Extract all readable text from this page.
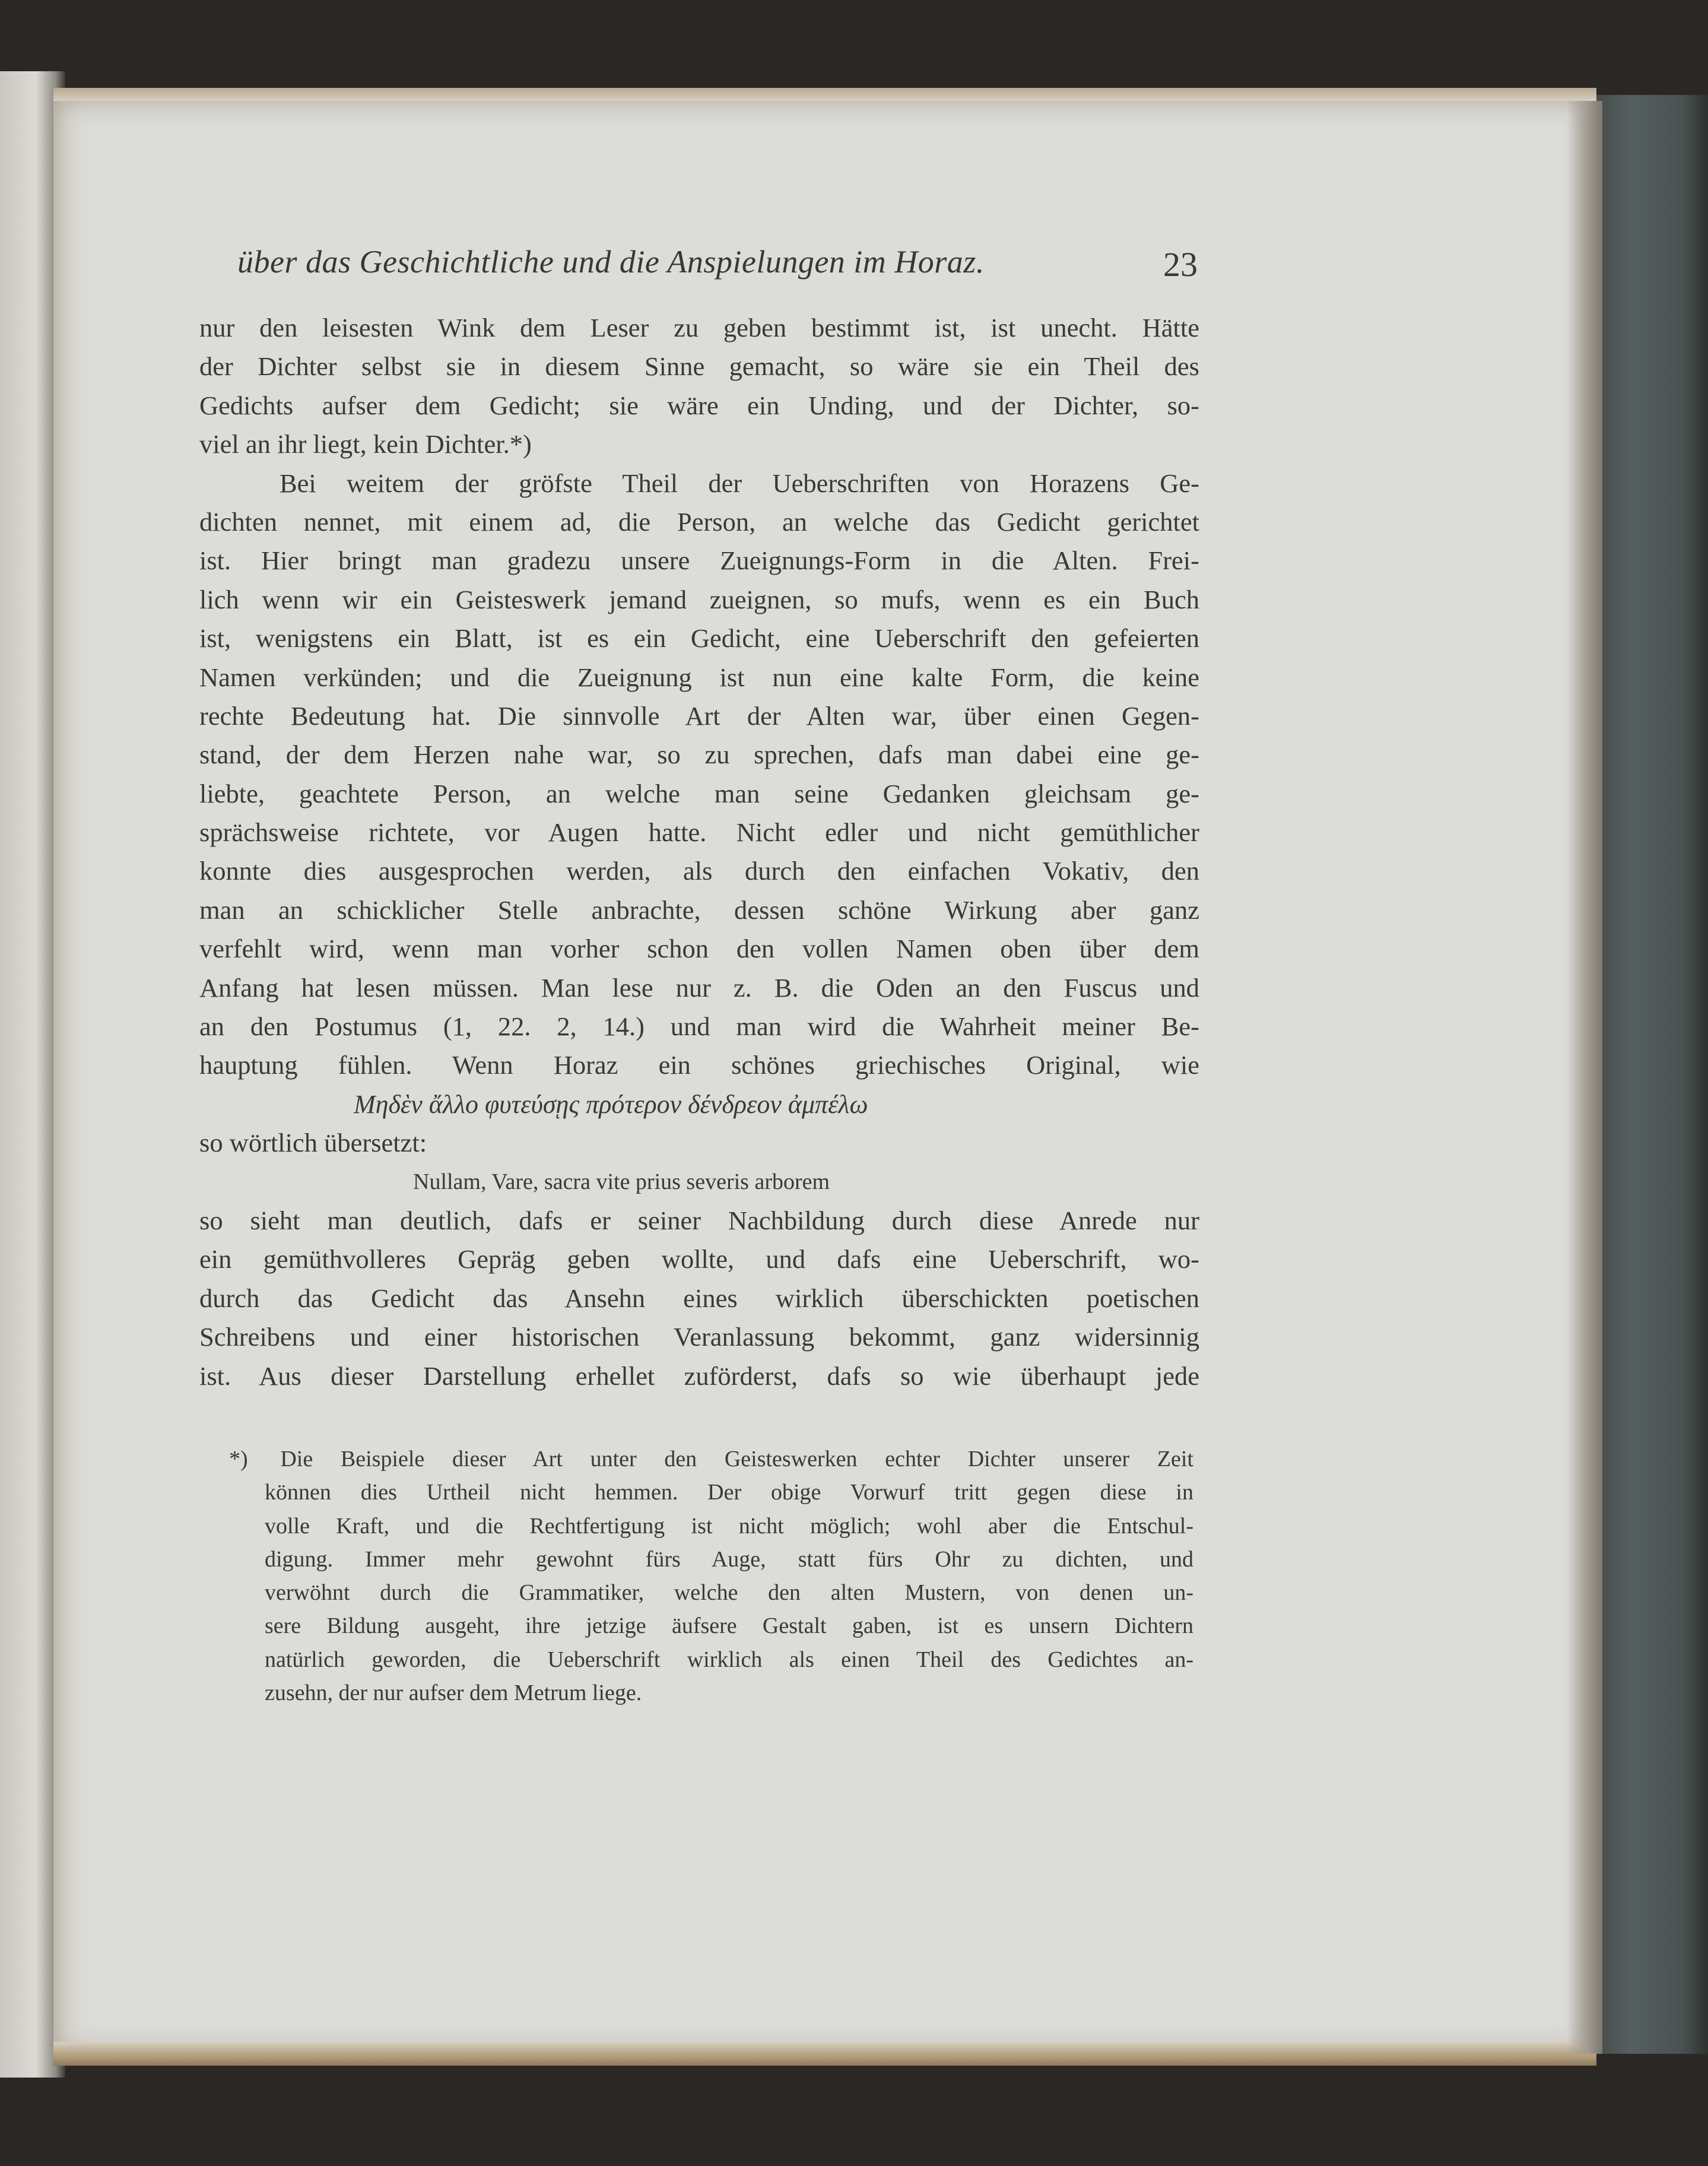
über das Geschichtliche und die Anspielungen im Horaz.	23
nur den leisesten Wink dem Leser zu geben bestimmt ist, ist unecht. Hätte
der Dichter selbst sie in diesem Sinne gemacht, so wäre sie ein Theil des
Gedichts aufser dem Gedicht; sie wäre ein Unding, und der Dichter, so-
viel an ihr liegt, kein Dichter.*)
Bei weitem der gröfste Theil der Ueberschriften von Horazens Ge-
dichten nennet, mit einem ad, die Person, an welche das Gedicht gerichtet
ist. Hier bringt man gradezu unsere Zueignungs-Form in die Alten. Frei-
lich wenn wir ein Geisteswerk jemand zueignen, so mufs, wenn es ein Buch
ist, wenigstens ein Blatt, ist es ein Gedicht, eine Ueberschrift den gefeierten
Namen verkünden; und die Zueignung ist nun eine kalte Form, die keine
rechte Bedeutung hat. Die sinnvolle Art der Alten war, über einen Gegen-
stand, der dem Herzen nahe war, so zu sprechen, dafs man dabei eine ge-
liebte, geachtete Person, an welche man seine Gedanken gleichsam ge-
sprächsweise richtete, vor Augen hatte. Nicht edler und nicht gemüthlicher
konnte dies ausgesprochen werden, als durch den einfachen Vokativ, den
man an schicklicher Stelle anbrachte, dessen schöne Wirkung aber ganz
verfehlt wird, wenn man vorher schon den vollen Namen oben über dem
Anfang hat lesen müssen. Man lese nur z. B. die Oden an den Fuscus und
an den Postumus (1, 22. 2, 14.) und man wird die Wahrheit meiner Be-
hauptung fühlen. Wenn Horaz ein schönes griechisches Original, wie
Μηδὲν ἄλλο φυτεύσῃς πρότερον δένδρεον ἀμπέλω
so wörtlich übersetzt:
Nullam, Vare, sacra vite prius severis arborem
so sieht man deutlich, dafs er seiner Nachbildung durch diese Anrede nur
ein gemüthvolleres Gepräg geben wollte, und dafs eine Ueberschrift, wo-
durch das Gedicht das Ansehn eines wirklich überschickten poetischen
Schreibens und einer historischen Veranlassung bekommt, ganz widersinnig
ist. Aus dieser Darstellung erhellet zuförderst, dafs so wie überhaupt jede
*) Die Beispiele dieser Art unter den Geisteswerken echter Dichter unserer Zeit
können dies Urtheil nicht hemmen. Der obige Vorwurf tritt gegen diese in
volle Kraft, und die Rechtfertigung ist nicht möglich; wohl aber die Entschul-
digung. Immer mehr gewohnt fürs Auge, statt fürs Ohr zu dichten, und
verwöhnt durch die Grammatiker, welche den alten Mustern, von denen un-
sere Bildung ausgeht, ihre jetzige äufsere Gestalt gaben, ist es unsern Dichtern
natürlich geworden, die Ueberschrift wirklich als einen Theil des Gedichtes an-
zusehn, der nur aufser dem Metrum liege.
